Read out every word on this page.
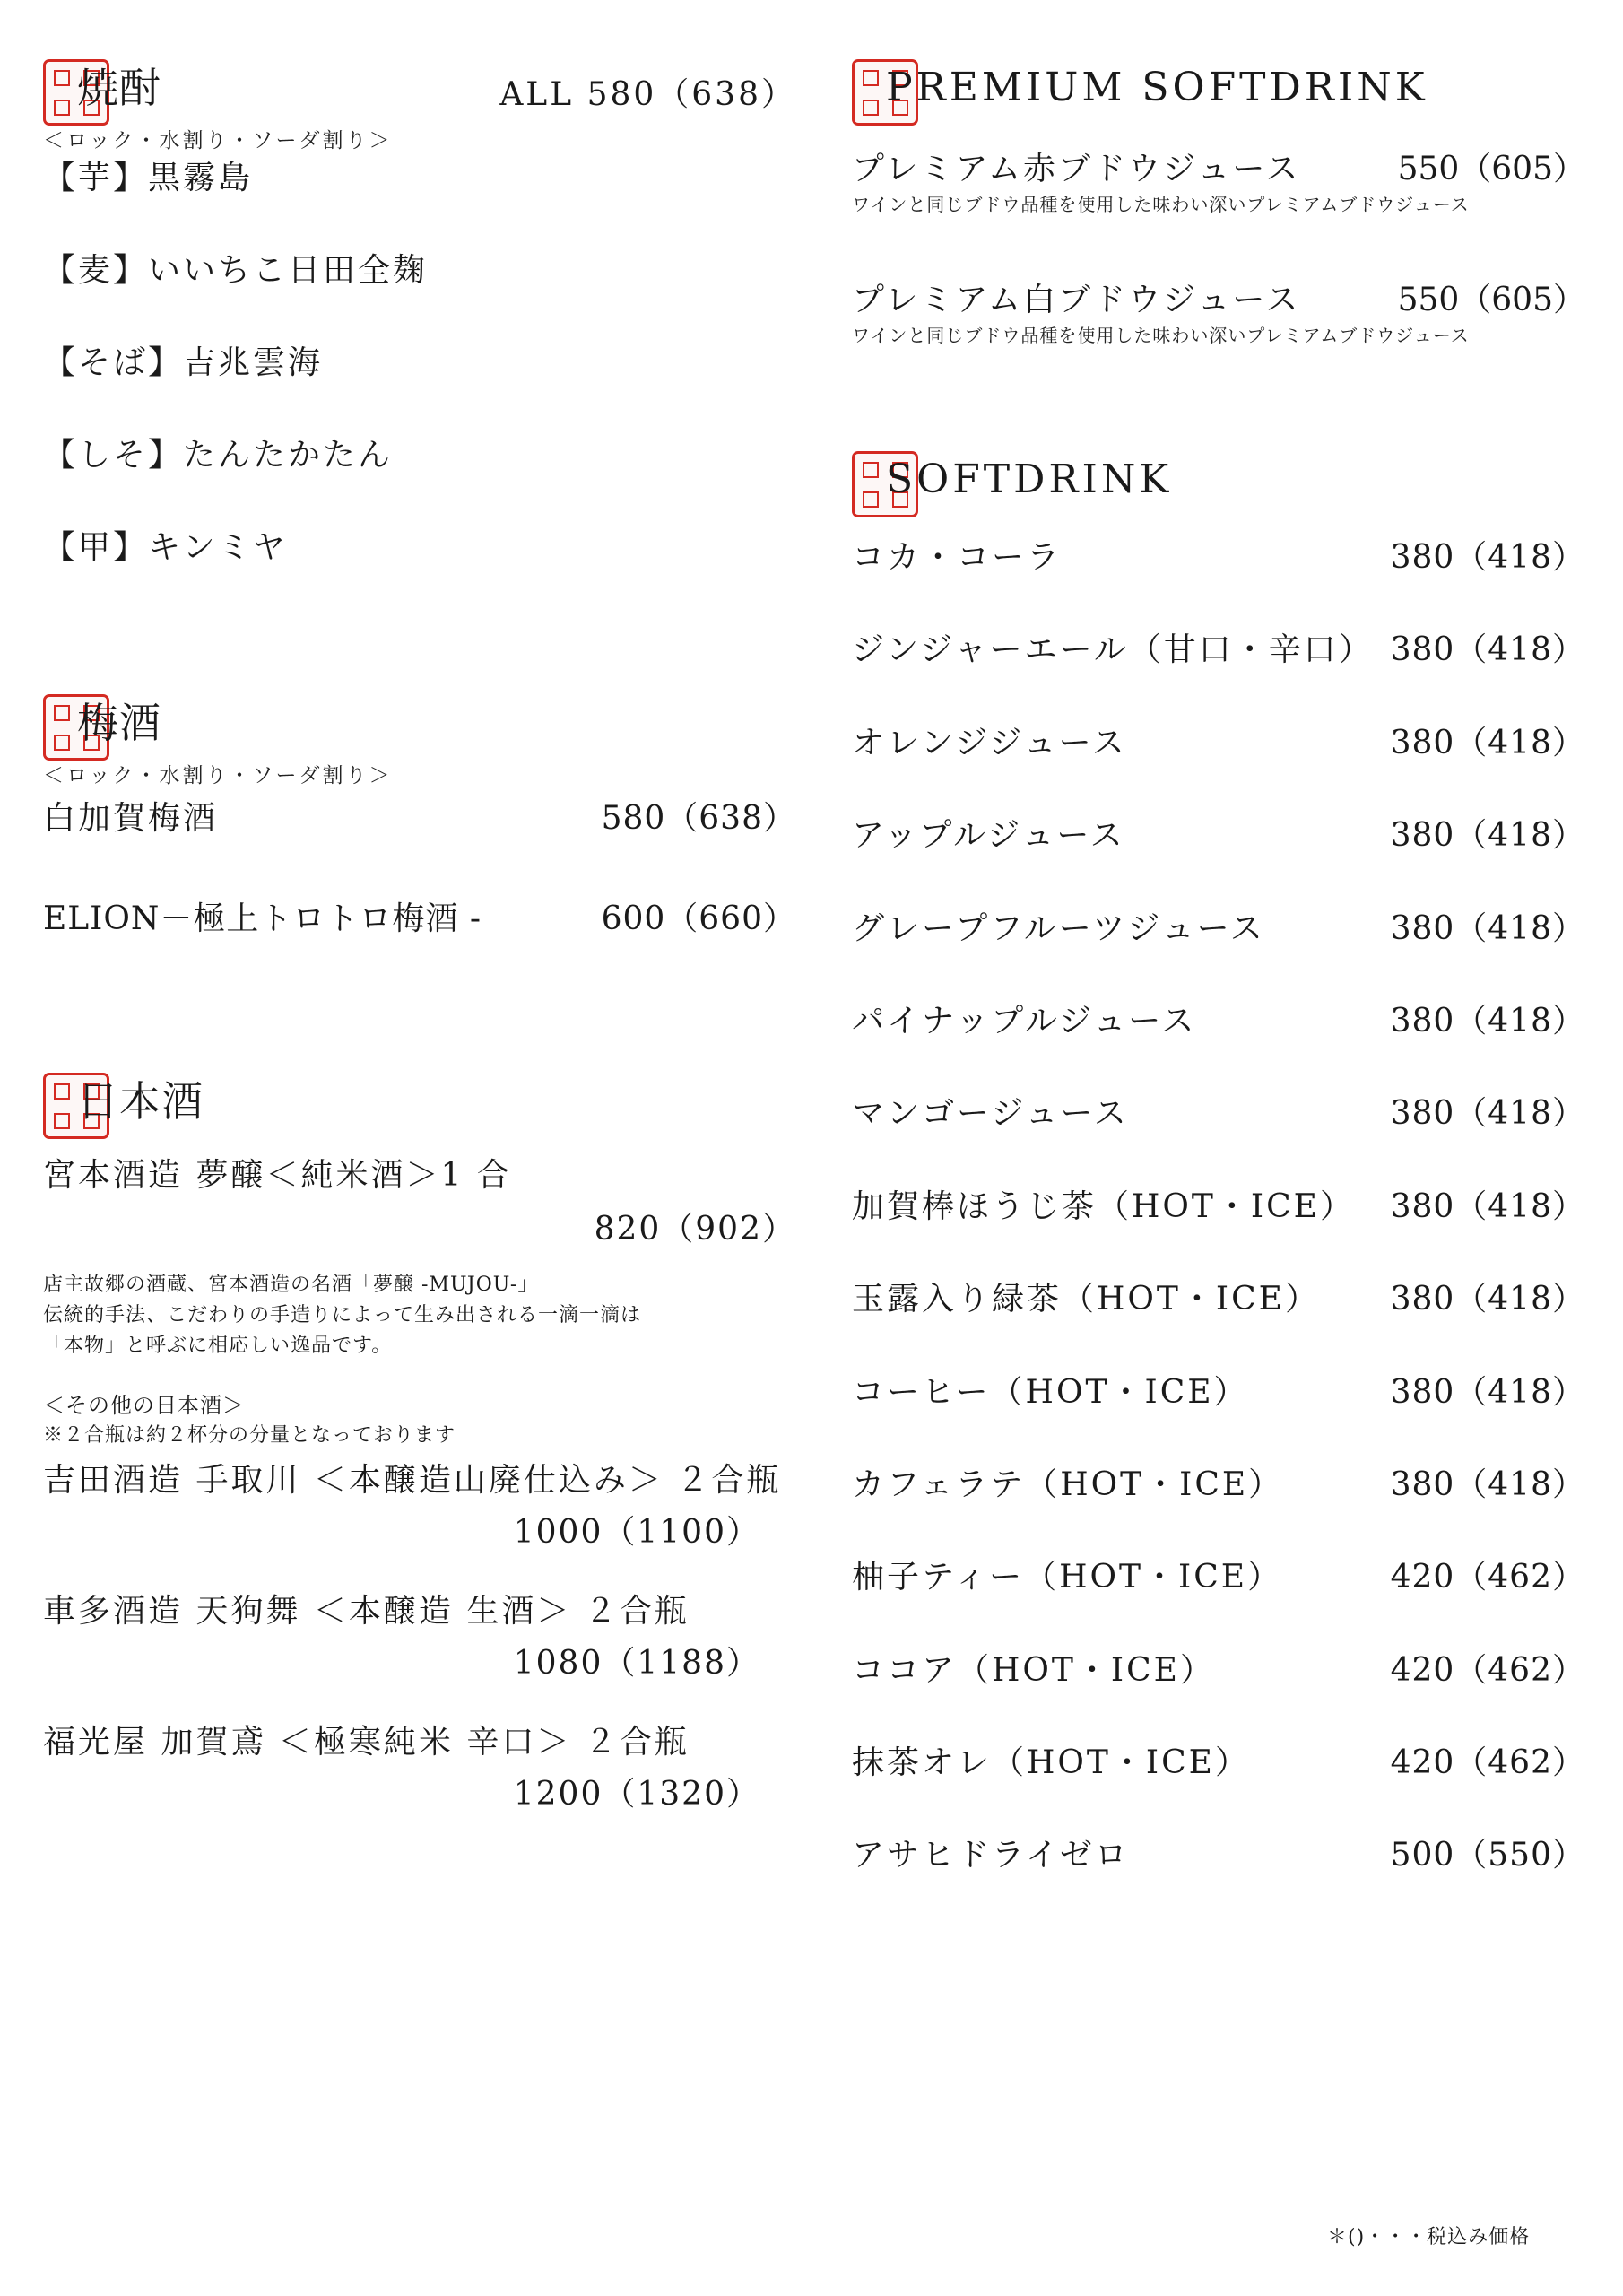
焼酎	ALL 580（638）
＜ロック・水割り・ソーダ割り＞
【芋】黒霧島
【麦】いいちこ日田全麹
【そば】吉兆雲海
【しそ】たんたかたん
【甲】キンミヤ
梅酒
＜ロック・水割り・ソーダ割り＞
白加賀梅酒	580（638）
ELION－極上トロトロ梅酒 -	600（660）
日本酒
宮本酒造 夢醸＜純米酒＞1 合
820（902）
店主故郷の酒蔵、宮本酒造の名酒「夢醸 -MUJOU-」
伝統的手法、こだわりの手造りによって生み出される一滴一滴は
「本物」と呼ぶに相応しい逸品です。
＜その他の日本酒＞
※２合瓶は約２杯分の分量となっております
吉田酒造 手取川 ＜本醸造山廃仕込み＞ ２合瓶
1000（1100）
車多酒造 天狗舞 ＜本醸造 生酒＞ ２合瓶
1080（1188）
福光屋 加賀鳶 ＜極寒純米 辛口＞ ２合瓶
1200（1320）
PREMIUM SOFTDRINK
プレミアム赤ブドウジュース	550（605）
ワインと同じブドウ品種を使用した味わい深いプレミアムブドウジュース
プレミアム白ブドウジュース	550（605）
ワインと同じブドウ品種を使用した味わい深いプレミアムブドウジュース
SOFTDRINK
コカ・コーラ	380（418）
ジンジャーエール（甘口・辛口） 380（418）
オレンジジュース	380（418）
アップルジュース	380（418）
グレープフルーツジュース	380（418）
パイナップルジュース	380（418）
マンゴージュース	380（418）
加賀棒ほうじ茶（HOT・ICE） 380（418）
玉露入り緑茶（HOT・ICE） 380（418）
コーヒー（HOT・ICE）	380（418）
カフェラテ（HOT・ICE）	380（418）
柚子ティー（HOT・ICE）	420（462）
ココア（HOT・ICE）	420（462）
抹茶オレ（HOT・ICE）	420（462）
アサヒドライゼロ	500（550）
＊()・・・税込み価格
